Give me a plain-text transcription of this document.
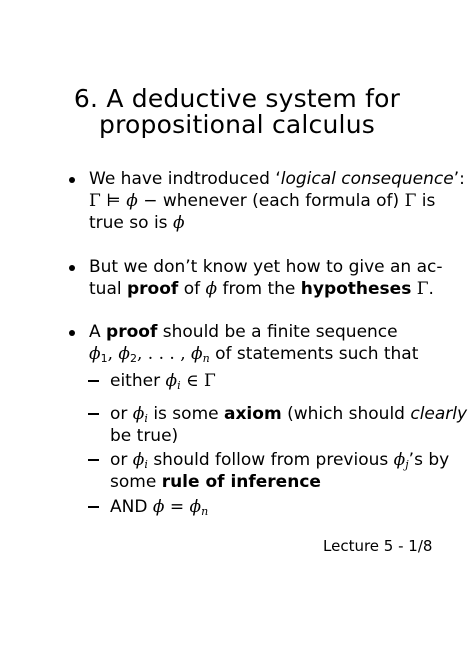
6. A deductive system for
propositional calculus
We have indtroduced ‘logical consequence’:
Γ ⊨ ϕ − whenever (each formula of) Γ is
true so is ϕ
But we don’t know yet how to give an ac-
tual proof of ϕ from the hypotheses Γ.
A proof should be a finite sequence
$\phi_1$, $\phi_2$, . . . , $\phi_n$ of statements such that
either $\phi_i$ ∈ Γ
or $\phi_i$ is some axiom (which should clearly
be true)
or $\phi_i$ should follow from previous $\phi_j’s$ by
some rule of inference
AND $\phi = \phi_n$
Lecture 5 - 1/8
